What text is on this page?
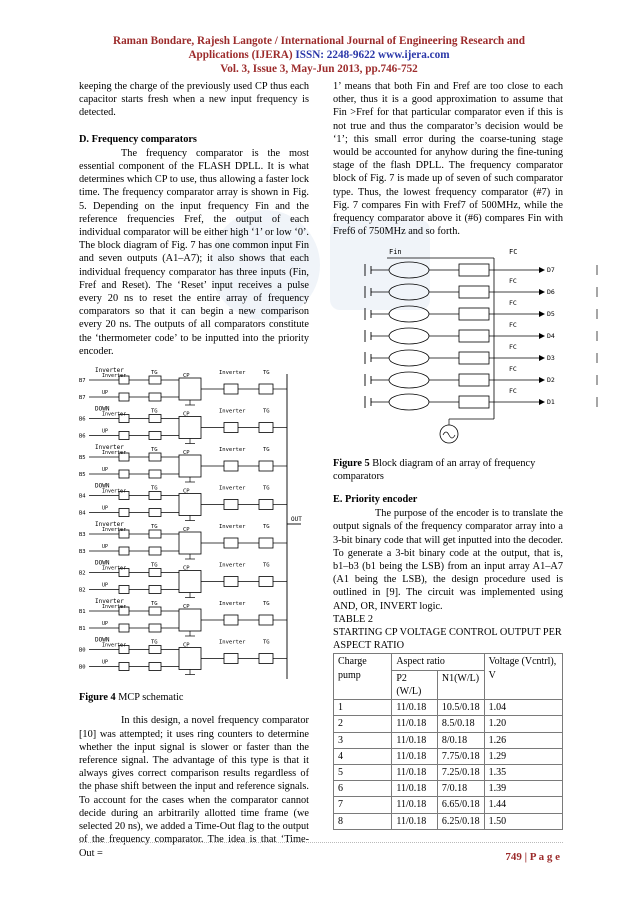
Raman Bondare, Rajesh Langote / International Journal of Engineering Research and
Applications (IJERA) ISSN: 2248-9622 www.ijera.com
Vol. 3, Issue 3, May-Jun 2013, pp.746-752

keeping the charge of the previously used CP thus each capacitor starts fresh when a new input frequency is detected.

D. Frequency comparators

The frequency comparator is the most essential component of the FLASH DPLL. It is what determines which CP to use, thus allowing a faster lock time. The frequency comparator array is shown in Fig. 5. Depending on the input frequency Fin and the reference frequencies Fref, the output of each individual comparator will be either high ‘1’ or low ‘0’. The block diagram of Fig. 7 has one common input Fin and seven outputs (A1–A7); it also shows that each individual frequency comparator has three inputs (Fin, Fref and Reset). The ‘Reset’ input receives a pulse every 20 ns to reset the entire array of frequency comparators so that it can begin a new comparison every 20 ns. The outputs of all comparators constitute the ‘thermometer code’ to be inputted into the priority encoder.

Inverter
B7
Inverter
B7
UP
TG	CP	Inverter	TG
DOWN
B6
Inverter
B6
UP
TG	CP	Inverter	TG
Inverter
B5
Inverter
B5
UP
TG	CP	Inverter	TG
DOWN
B4
Inverter
B4
UP
TG	CP	Inverter	TG
Inverter
B3
Inverter
B3
UP
TG	CP	Inverter	TG
DOWN
B2
Inverter
B2
UP
TG	CP	Inverter	TG
Inverter
B1
Inverter
B1
UP
TG	CP	Inverter	TG
DOWN
B0
Inverter
B0
UP
TG	CP	Inverter	TG
OUT
Figure 4 MCP schematic

In this design, a novel frequency comparator [10] was attempted; it uses ring counters to determine whether the input signal is slower or faster than the reference signal. The advantage of this type is that it always gives correct comparison results regardless of the phase shift between the input and reference signals. To account for the cases when the comparator cannot decide during an arbitrarily allotted time frame (we selected 20 ns), we added a Time-Out flag to the output of the frequency comparator. The idea is that ‘Time-Out =

1’ means that both Fin and Fref are too close to each other, thus it is a good approximation to assume that Fin >Fref for that particular comparator even if this is not true and thus the comparator’s decision would be ‘1’; this small error during the coarse-tuning stage would be accounted for anyhow during the fine-tuning stage of the flash DPLL. The frequency comparator block of Fig. 7 is made up of seven of such comparator type. Thus, the lowest frequency comparator (#7) in Fig. 7 compares Fin with Fref7 of 500MHz, while the frequency comparator above it (#6) compares Fin with Fref6 of 750MHz and so forth.

Fin	FC
D7
FC
D6
FC
D5
FC
D4
FC
D3
FC
D2
FC
D1
Figure 5 Block diagram of an array of frequency comparators
E. Priority encoder

The purpose of the encoder is to translate the output signals of the frequency comparator array into a 3-bit binary code that will get inputted into the decoder. To generate a 3-bit binary code at the output, that is, b1–b3 (b1 being the LSB) from an input array A1–A7 (A1 being the LSB), the design procedure used is outlined in [9]. The circuit was implemented using AND, OR, INVERT logic.

TABLE 2
STARTING CP VOLTAGE CONTROL OUTPUT PER ASPECT RATIO
Charge pump	Aspect ratio		Voltage (Vcntrl), V
	P2 (W/L)	N1(W/L)	
1	11/0.18	10.5/0.18	1.04
2	11/0.18	8.5/0.18	1.20
3	11/0.18	8/0.18	1.26
4	11/0.18	7.75/0.18	1.29
5	11/0.18	7.25/0.18	1.35
6	11/0.18	7/0.18	1.39
7	11/0.18	6.65/0.18	1.44
8	11/0.18	6.25/0.18	1.50
749 | P a g e
